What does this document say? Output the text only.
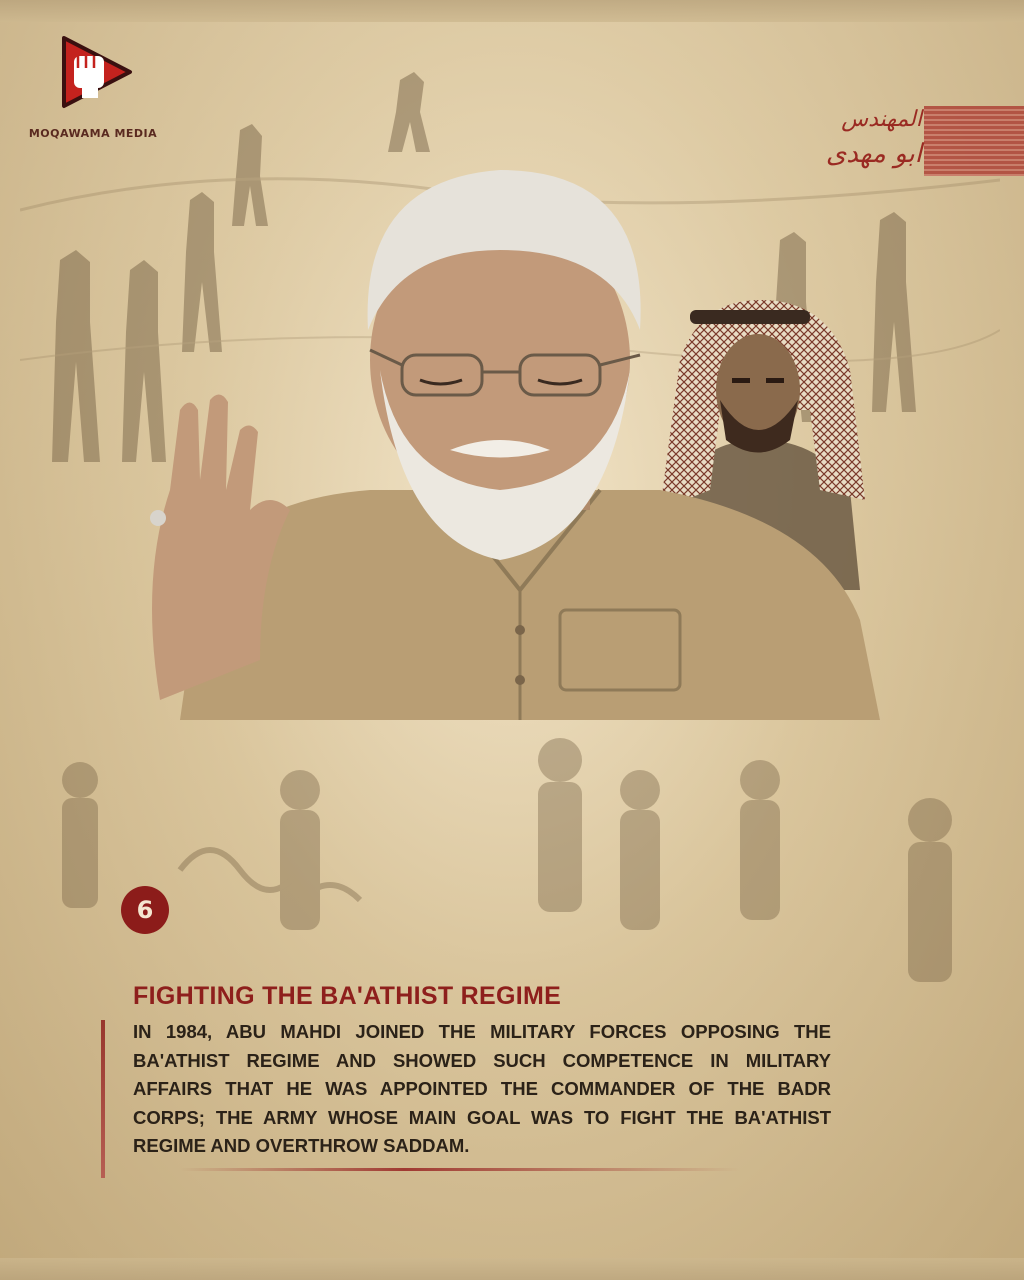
MOQAWAMA MEDIA
المهندس
ابو مهدى
6
FIGHTING THE BA'ATHIST REGIME
IN 1984, ABU MAHDI JOINED THE MILITARY FORCES OPPOSING THE BA'ATHIST REGIME AND SHOWED SUCH COMPETENCE IN MILITARY AFFAIRS THAT HE WAS APPOINTED THE COMMANDER OF THE BADR CORPS; THE ARMY WHOSE MAIN GOAL WAS TO FIGHT THE BA'ATHIST REGIME AND OVERTHROW SADDAM.
